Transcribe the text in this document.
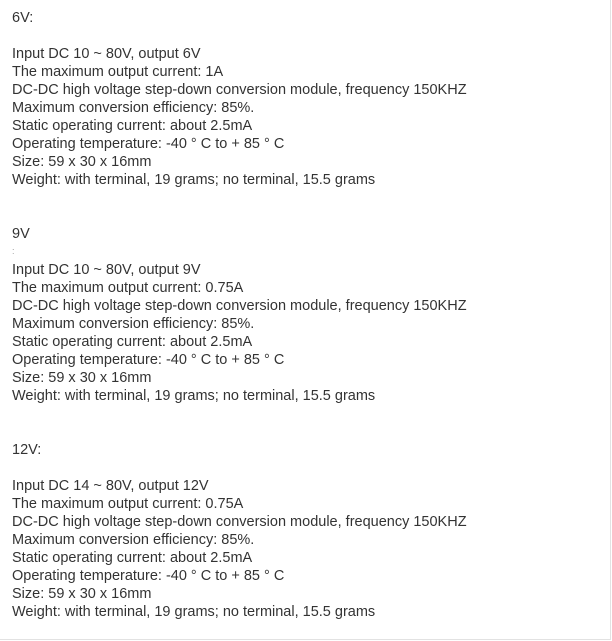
6V:
Input DC 10 ~ 80V, output 6V
The maximum output current: 1A
DC-DC high voltage step-down conversion module, frequency 150KHZ
Maximum conversion efficiency: 85%.
Static operating current: about 2.5mA
Operating temperature: -40 ° C to + 85 ° C
Size: 59 x 30 x 16mm
Weight: with terminal, 19 grams; no terminal, 15.5 grams
9V
:
Input DC 10 ~ 80V, output 9V
The maximum output current: 0.75A
DC-DC high voltage step-down conversion module, frequency 150KHZ
Maximum conversion efficiency: 85%.
Static operating current: about 2.5mA
Operating temperature: -40 ° C to + 85 ° C
Size: 59 x 30 x 16mm
Weight: with terminal, 19 grams; no terminal, 15.5 grams
12V:
Input DC 14 ~ 80V, output 12V
The maximum output current: 0.75A
DC-DC high voltage step-down conversion module, frequency 150KHZ
Maximum conversion efficiency: 85%.
Static operating current: about 2.5mA
Operating temperature: -40 ° C to + 85 ° C
Size: 59 x 30 x 16mm
Weight: with terminal, 19 grams; no terminal, 15.5 grams
